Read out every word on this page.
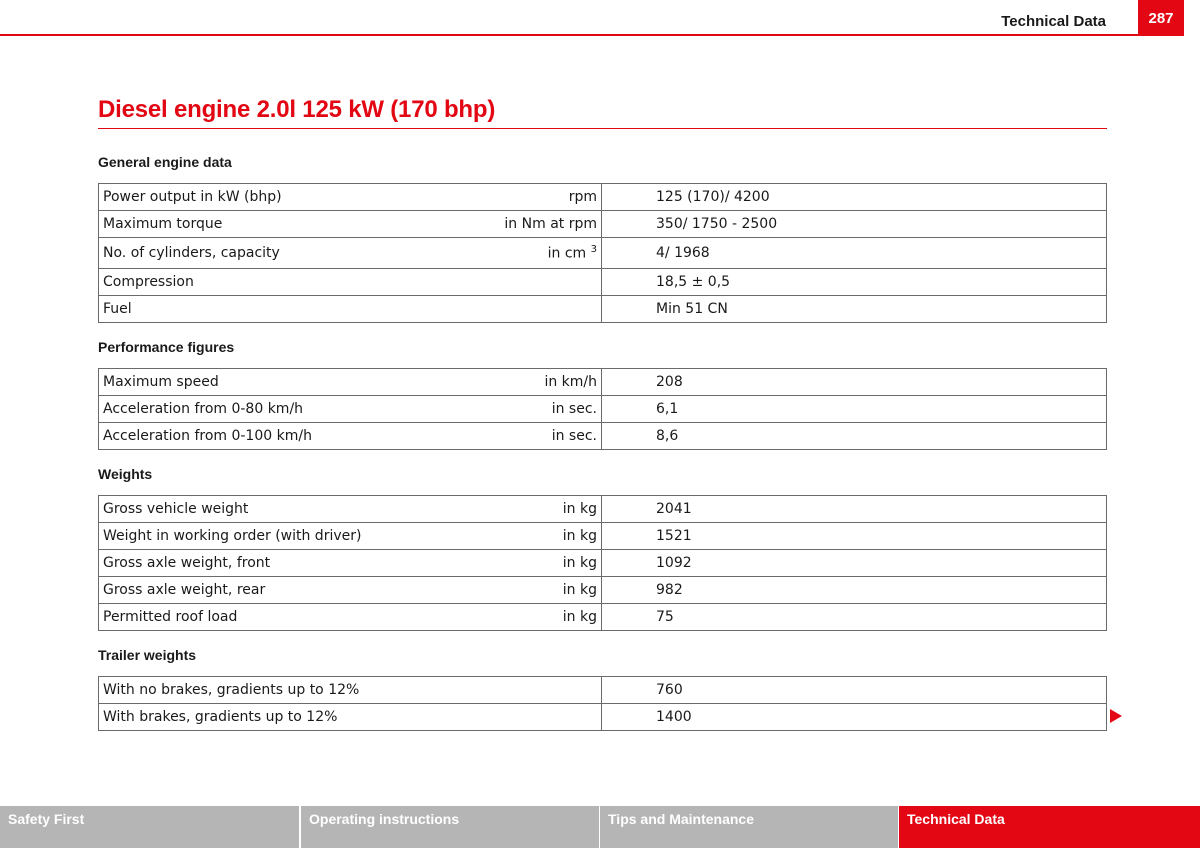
Technical Data	287
Diesel engine 2.0l 125 kW (170 bhp)
General engine data
Power output in kW (bhp)	rpm	125 (170)/ 4200
Maximum torque	in Nm at rpm	350/ 1750 - 2500
No. of cylinders, capacity	in cm $^3$	4/ 1968
Compression		18,5 ± 0,5
Fuel		Min 51 CN
Performance figures
Maximum speed	in km/h	208
Acceleration from 0-80 km/h	in sec.	6,1
Acceleration from 0-100 km/h	in sec.	8,6
Weights
Gross vehicle weight	in kg	2041
Weight in working order (with driver)	in kg	1521
Gross axle weight, front	in kg	1092
Gross axle weight, rear	in kg	982
Permitted roof load	in kg	75
Trailer weights
With no brakes, gradients up to 12%	760
With brakes, gradients up to 12%	1400
Safety First	Operating instructions	Tips and Maintenance	Technical Data
